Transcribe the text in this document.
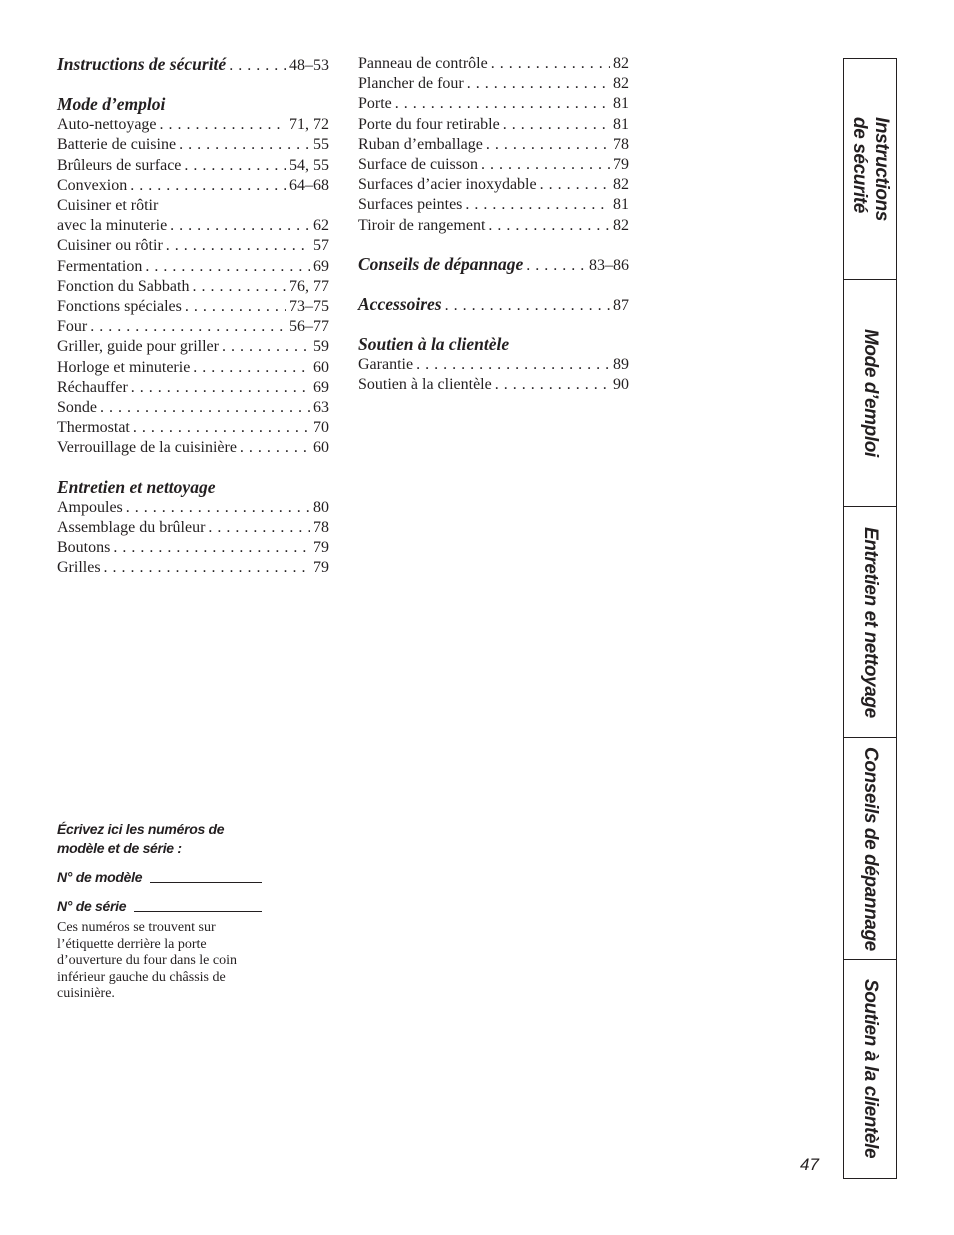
Instructions de sécurité . . .	48–53
Mode d’emploi
Auto-nettoyage . . .	71, 72
Batterie de cuisine . . .	55
Brûleurs de surface . . .	54, 55
Convexion . . .	64–68
Cuisiner et rôtir
avec la minuterie . . .	62
Cuisiner ou rôtir . . .	57
Fermentation . . .	69
Fonction du Sabbath . . .	76, 77
Fonctions spéciales . . .	73–75
Four . . .	56–77
Griller, guide pour griller . . .	59
Horloge et minuterie . . .	60
Réchauffer . . .	69
Sonde . . .	63
Thermostat . . .	70
Verrouillage de la cuisinière . . .	60
Entretien et nettoyage
Ampoules . . .	80
Assemblage du brûleur . . .	78
Boutons . . .	79
Grilles . . .	79
Panneau de contrôle . . .	82
Plancher de four . . .	82
Porte . . .	81
Porte du four retirable . . .	81
Ruban d’emballage . . .	78
Surface de cuisson . . .	79
Surfaces d’acier inoxydable . . .	82
Surfaces peintes . . .	81
Tiroir de rangement . . .	82
Conseils de dépannage . . .	83–86
Accessoires . . .	87
Soutien à la clientèle
Garantie . . .	89
Soutien à la clientèle . . .	90
Écrivez ici les numéros de modèle et de série :
N° de modèle
N° de série
Ces numéros se trouvent sur l’étiquette derrière la porte d’ouverture du four dans le coin inférieur gauche du châssis de cuisinière.
Instructions
de sécurité
Mode d’emploi
Entretien et nettoyage
Conseils de dépannage
Soutien à la clientèle
47
